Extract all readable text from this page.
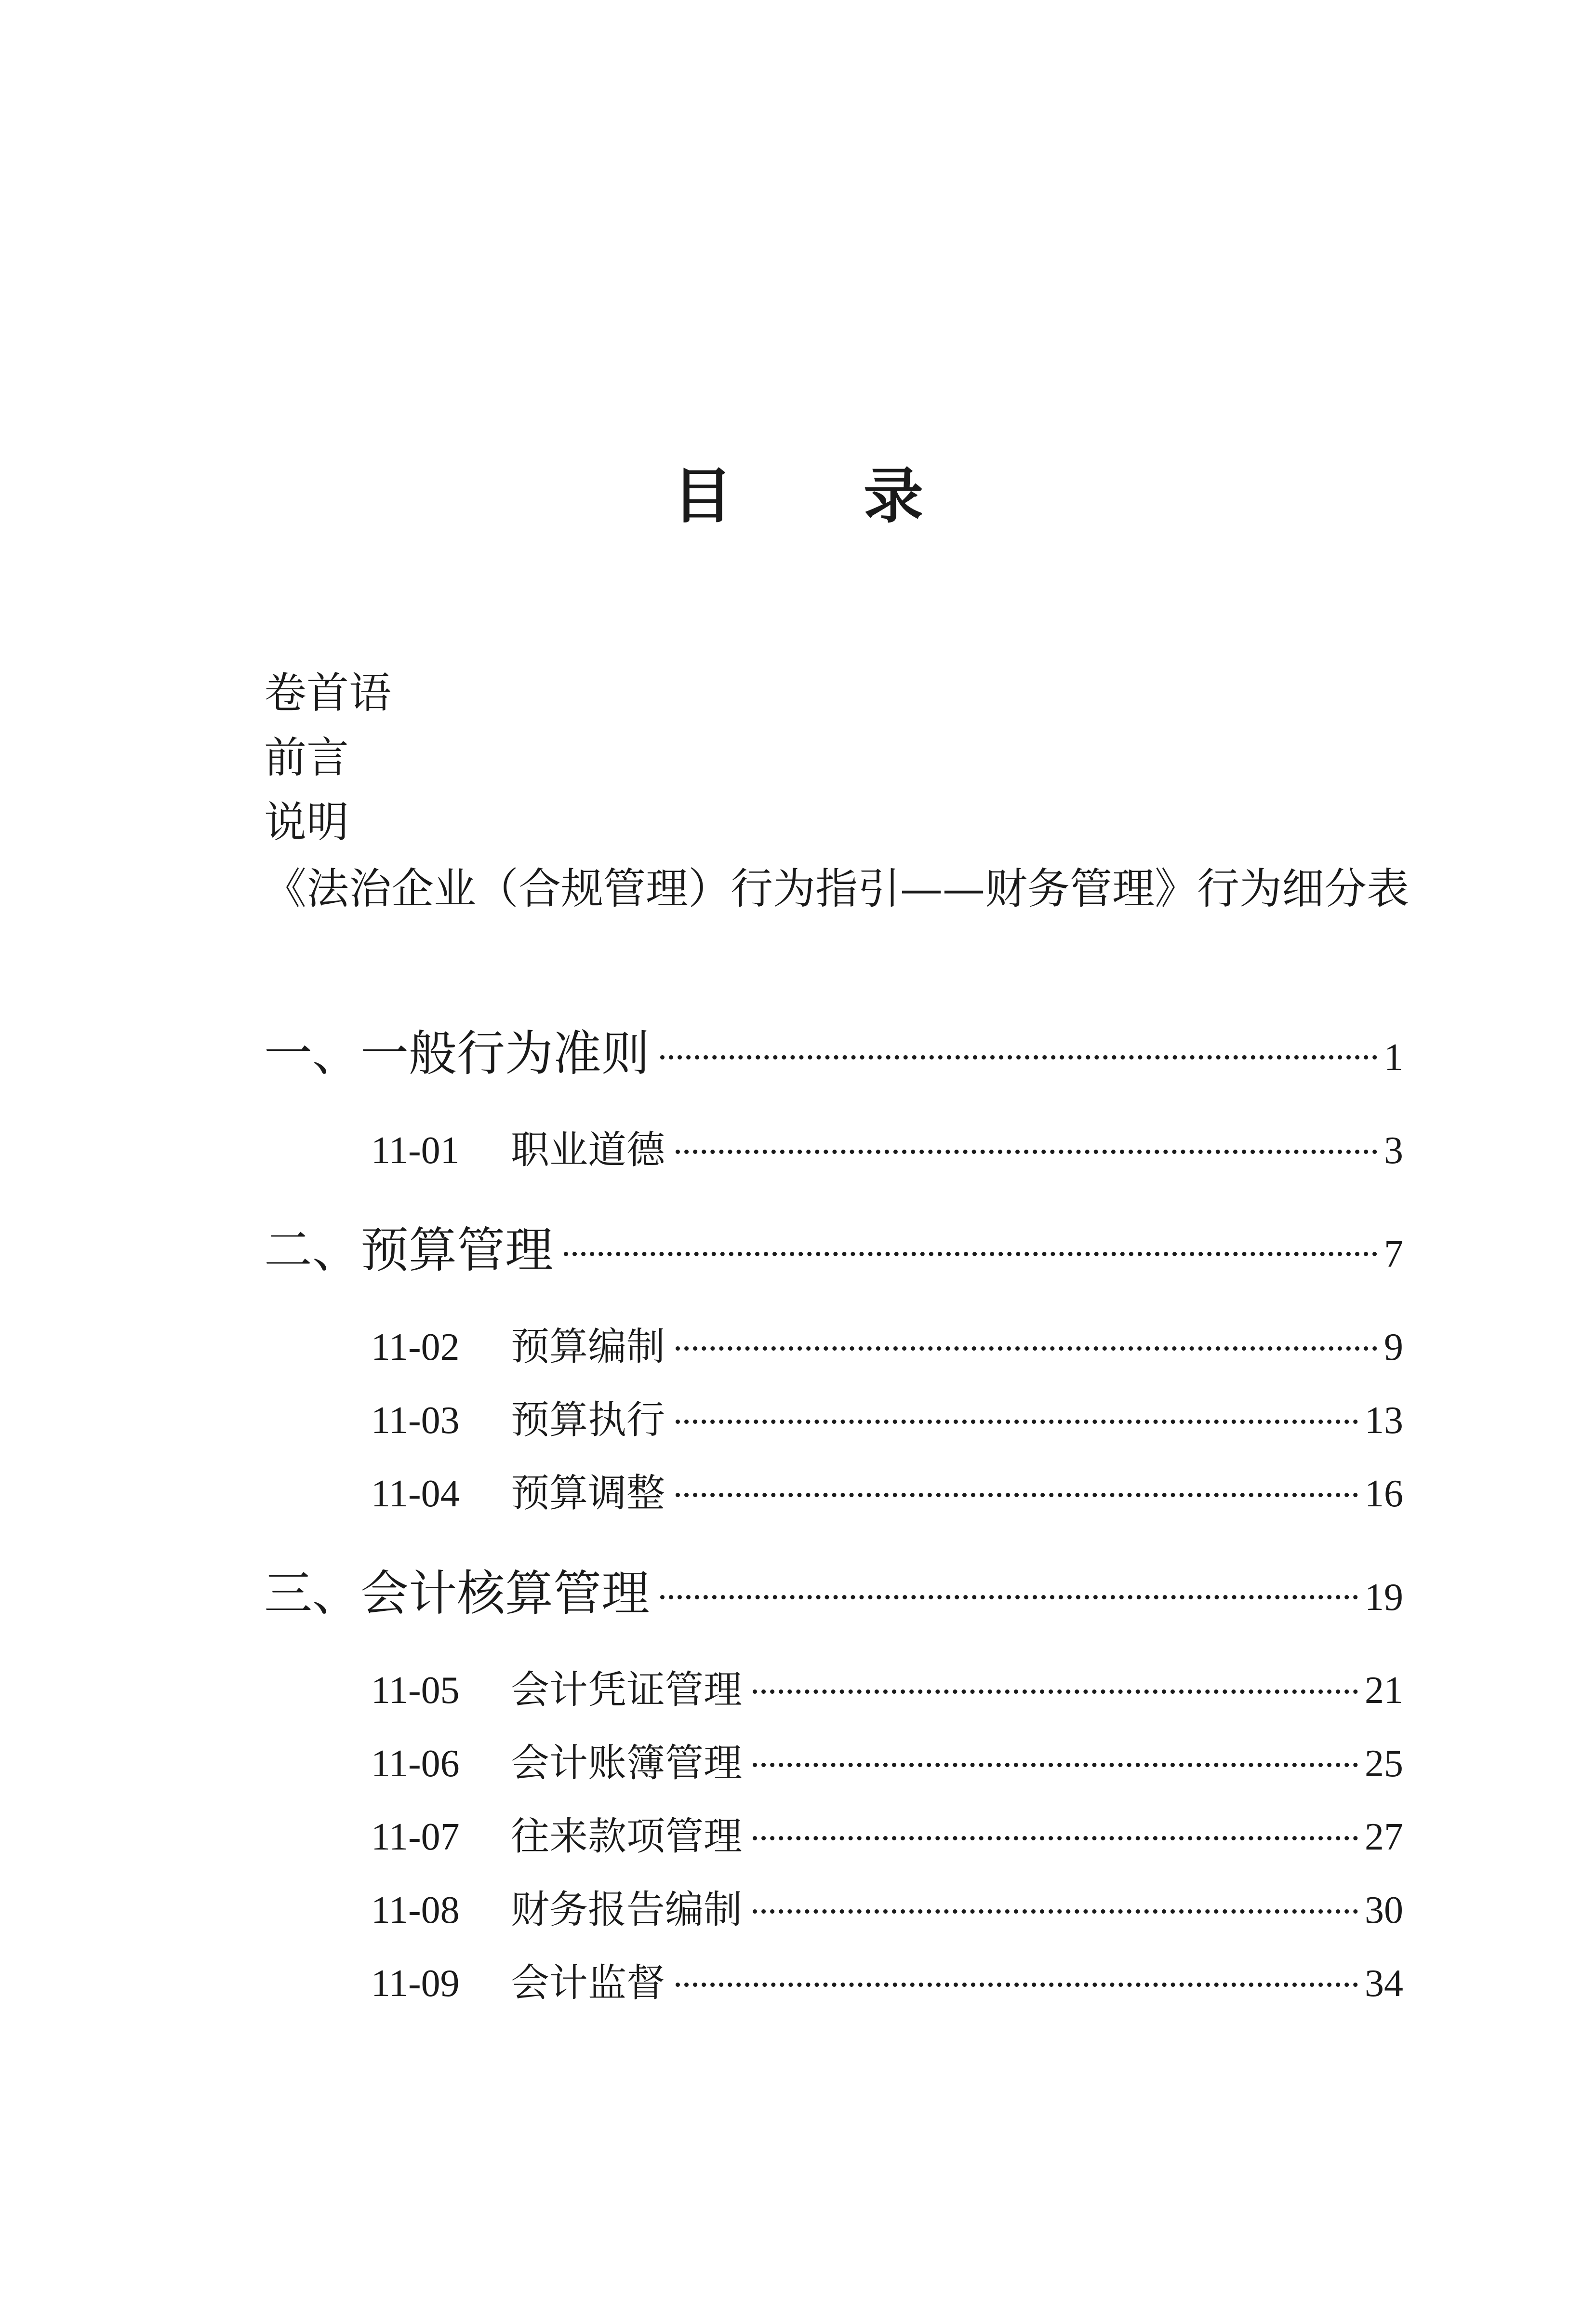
目 录
卷首语
前言
说明
《法治企业（合规管理）行为指引——财务管理》行为细分表
一、一般行为准则	1
11-01	职业道德	3
二、预算管理	7
11-02	预算编制	9
11-03	预算执行	13
11-04	预算调整	16
三、会计核算管理	19
11-05	会计凭证管理	21
11-06	会计账簿管理	25
11-07	往来款项管理	27
11-08	财务报告编制	30
11-09	会计监督	34
